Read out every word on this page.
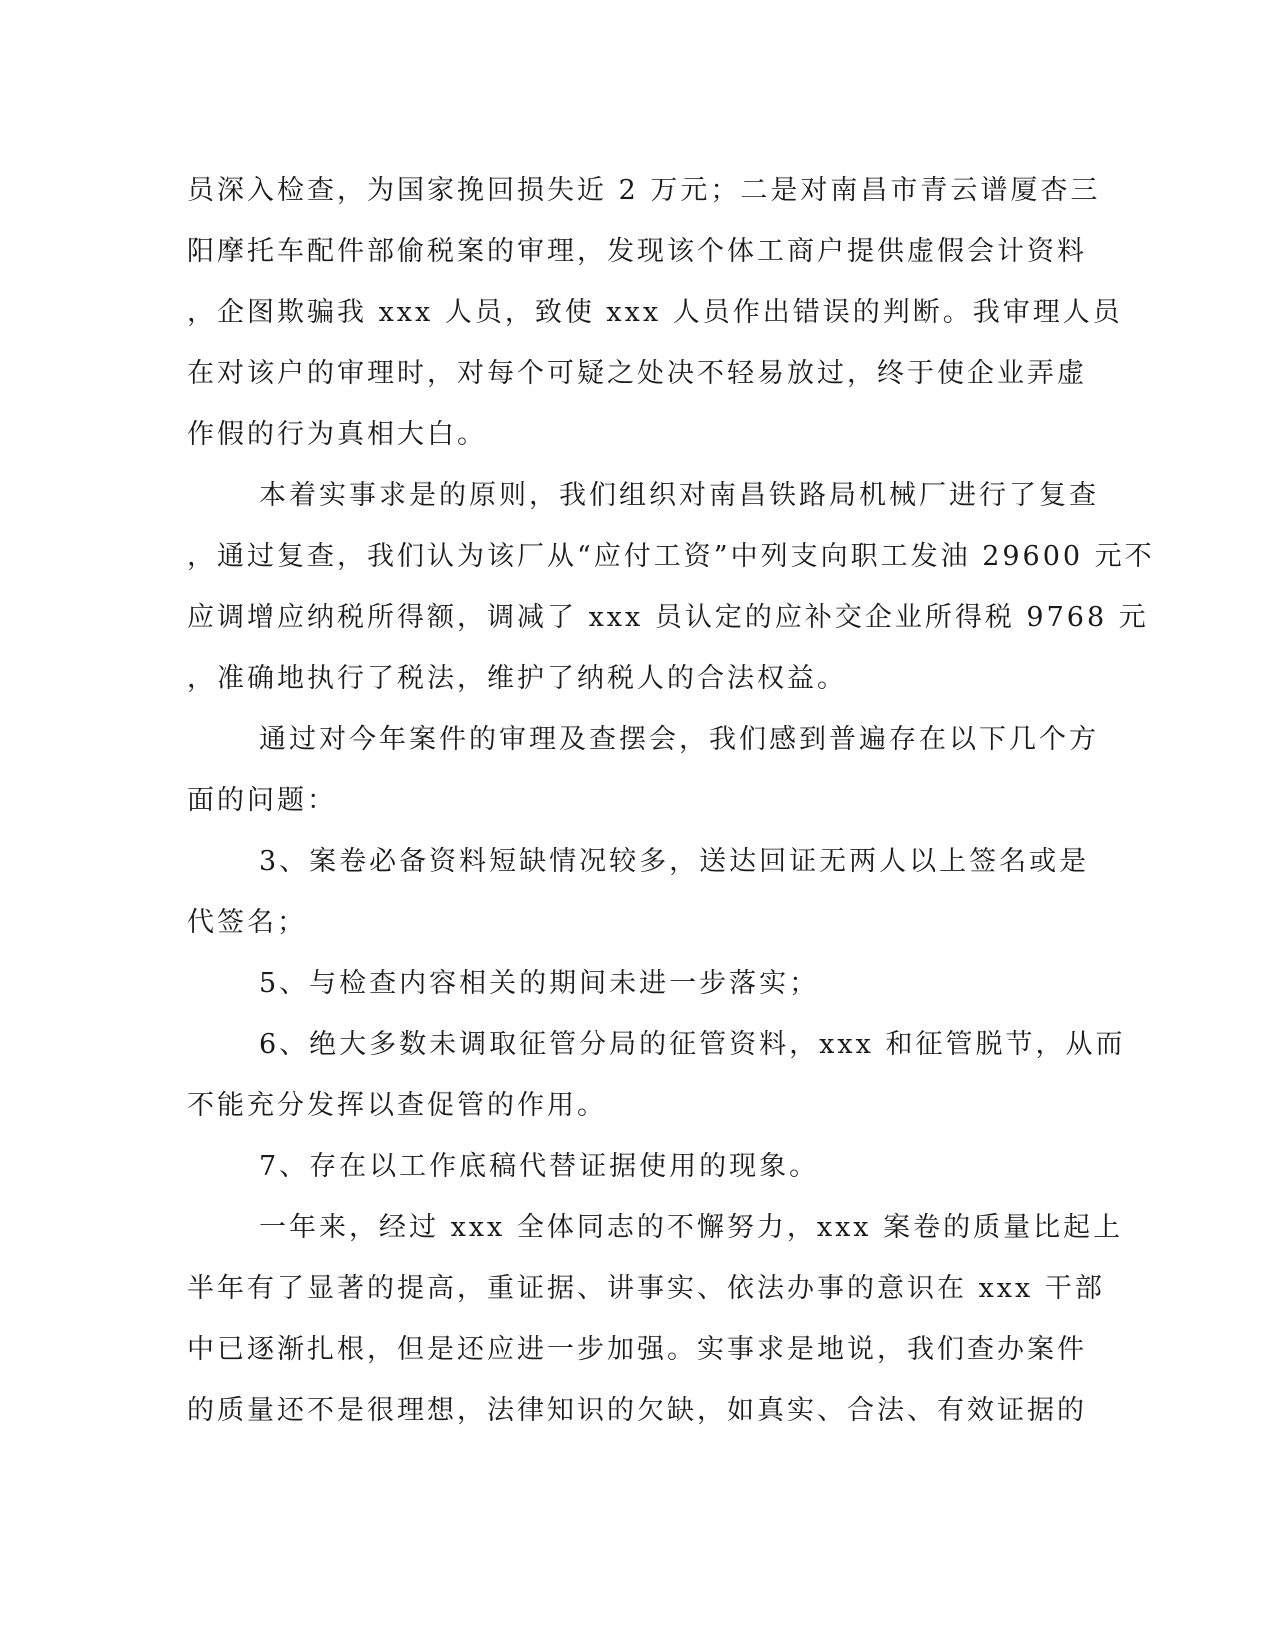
员深入检查，为国家挽回损失近 2 万元；二是对南昌市青云谱厦杏三
阳摩托车配件部偷税案的审理，发现该个体工商户提供虚假会计资料
，企图欺骗我 xxx 人员，致使 xxx 人员作出错误的判断。我审理人员
在对该户的审理时，对每个可疑之处决不轻易放过，终于使企业弄虚
作假的行为真相大白。
本着实事求是的原则，我们组织对南昌铁路局机械厂进行了复查
，通过复查，我们认为该厂从“应付工资”中列支向职工发油 29600 元不
应调增应纳税所得额，调减了 xxx 员认定的应补交企业所得税 9768 元
，准确地执行了税法，维护了纳税人的合法权益。
通过对今年案件的审理及查摆会，我们感到普遍存在以下几个方
面的问题：
3、案卷必备资料短缺情况较多，送达回证无两人以上签名或是
代签名；
5、与检查内容相关的期间未进一步落实；
6、绝大多数未调取征管分局的征管资料，xxx 和征管脱节，从而
不能充分发挥以查促管的作用。
7、存在以工作底稿代替证据使用的现象。
一年来，经过 xxx 全体同志的不懈努力，xxx 案卷的质量比起上
半年有了显著的提高，重证据、讲事实、依法办事的意识在 xxx 干部
中已逐渐扎根，但是还应进一步加强。实事求是地说，我们查办案件
的质量还不是很理想，法律知识的欠缺，如真实、合法、有效证据的
